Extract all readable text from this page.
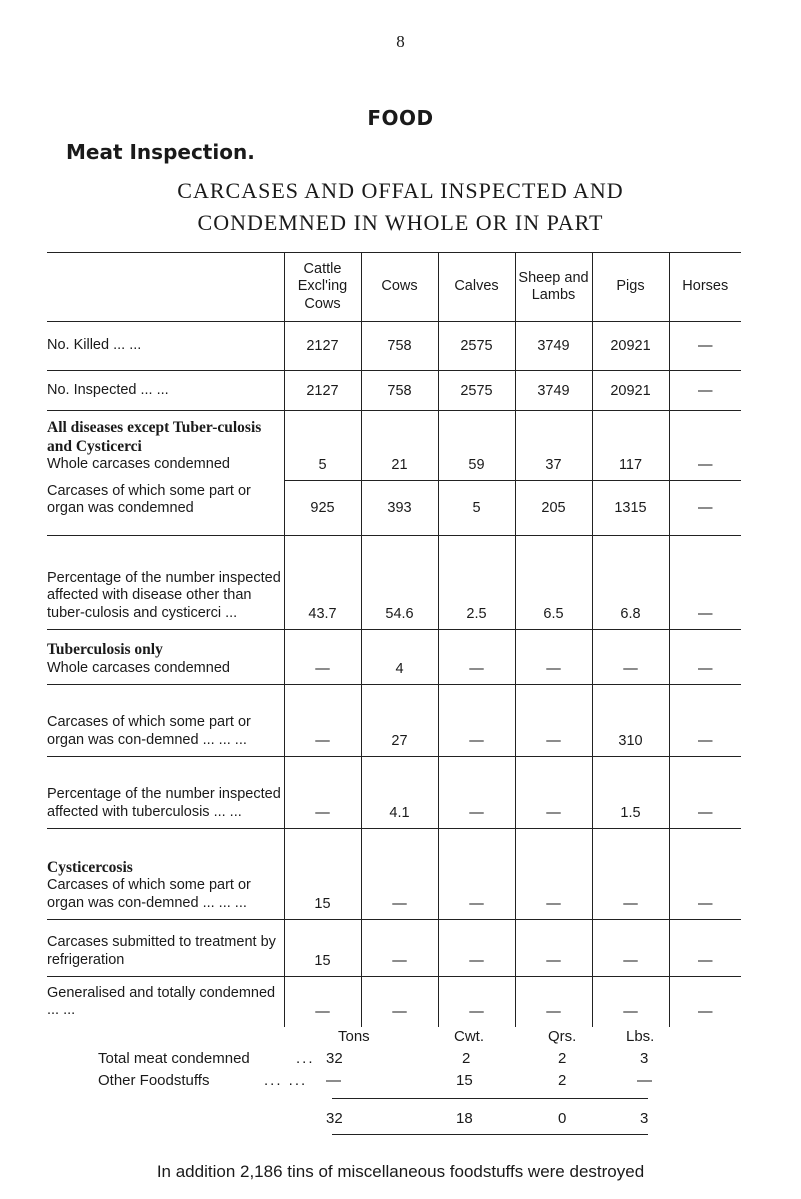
8
FOOD
Meat Inspection.
CARCASES AND OFFAL INSPECTED AND
CONDEMNED IN WHOLE OR IN PART
	Cattle Excl'ing Cows	Cows	Calves	Sheep and Lambs	Pigs	Horses
No. Killed ... ...	2127	758	2575	3749	20921	—
No. Inspected ... ...	2127	758	2575	3749	20921	—

All diseases except Tuber-culosis and Cysticerci
Whole carcases condemned	5	21	59	37	117	—
Carcases of which some part or organ was condemned	925	393	5	205	1315	—
Percentage of the number inspected affected with disease other than tuber-culosis and cysticerci ...	43.7	54.6	2.5	6.5	6.8	—

Tuberculosis only
Whole carcases condemned	—	4	—	—	—	—
Carcases of which some part or organ was con-demned ... ... ...	—	27	—	—	310	—
Percentage of the number inspected affected with tuberculosis ... ...	—	4.1	—	—	1.5	—

Cysticercosis
Carcases of which some part or organ was con-demned ... ... ...	15	—	—	—	—	—
Carcases submitted to treatment by refrigeration	15	—	—	—	—	—
Generalised and totally condemned ... ...	—	—	—	—	—	—
Tons	Cwt.	Qrs.	Lbs.
Total meat condemned	... 32	2	2	3
Other Foodstuffs	... ... —	15	2	—
32	18	0	3
In addition 2,186 tins of miscellaneous foodstuffs were destroyed
